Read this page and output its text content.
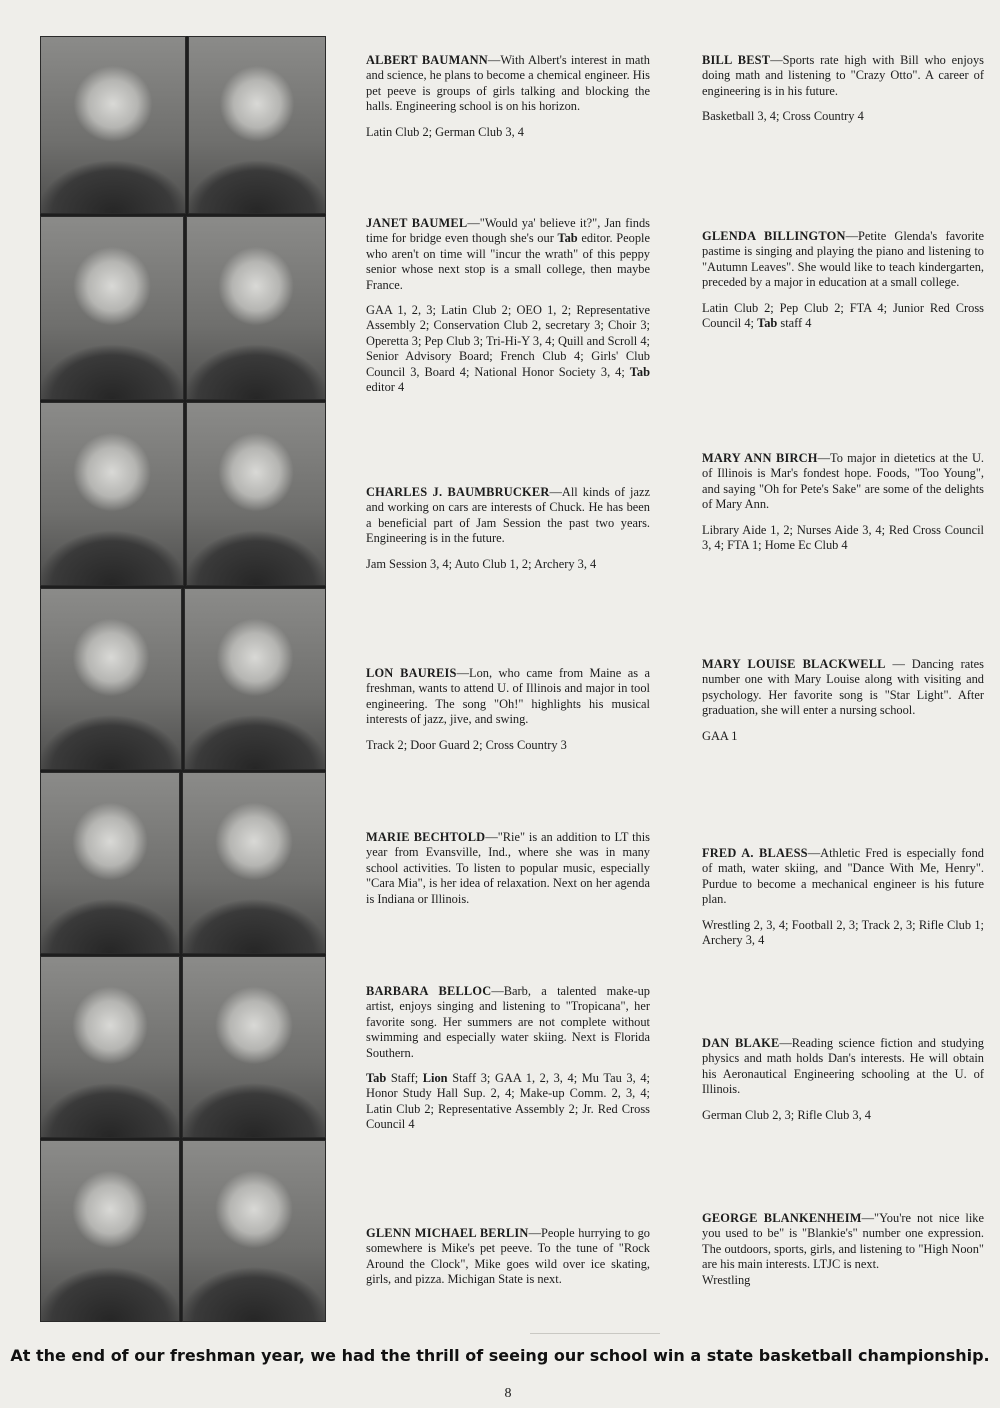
ALBERT BAUMANN—With Albert's interest in math and science, he plans to become a chemical engineer. His pet peeve is groups of girls talking and blocking the halls. Engineering school is on his horizon.

Latin Club 2; German Club 3, 4

JANET BAUMEL—"Would ya' believe it?", Jan finds time for bridge even though she's our Tab editor. People who aren't on time will "incur the wrath" of this peppy senior whose next stop is a small college, then maybe France.

GAA 1, 2, 3; Latin Club 2; OEO 1, 2; Representative Assembly 2; Conservation Club 2, secretary 3; Choir 3; Operetta 3; Pep Club 3; Tri-Hi-Y 3, 4; Quill and Scroll 4; Senior Advisory Board; French Club 4; Girls' Club Council 3, Board 4; National Honor Society 3, 4; Tab editor 4

CHARLES J. BAUMBRUCKER—All kinds of jazz and working on cars are interests of Chuck. He has been a beneficial part of Jam Session the past two years. Engineering is in the future.

Jam Session 3, 4; Auto Club 1, 2; Archery 3, 4

LON BAUREIS—Lon, who came from Maine as a freshman, wants to attend U. of Illinois and major in tool engineering. The song "Oh!" highlights his musical interests of jazz, jive, and swing.

Track 2; Door Guard 2; Cross Country 3

MARIE BECHTOLD—"Rie" is an addition to LT this year from Evansville, Ind., where she was in many school activities. To listen to popular music, especially "Cara Mia", is her idea of relaxation. Next on her agenda is Indiana or Illinois.

BARBARA BELLOC—Barb, a talented make-up artist, enjoys singing and listening to "Tropicana", her favorite song. Her summers are not complete without swimming and especially water skiing. Next is Florida Southern.

Tab Staff; Lion Staff 3; GAA 1, 2, 3, 4; Mu Tau 3, 4; Honor Study Hall Sup. 2, 4; Make-up Comm. 2, 3, 4; Latin Club 2; Representative Assembly 2; Jr. Red Cross Council 4

GLENN MICHAEL BERLIN—People hurrying to go somewhere is Mike's pet peeve. To the tune of "Rock Around the Clock", Mike goes wild over ice skating, girls, and pizza. Michigan State is next.

BILL BEST—Sports rate high with Bill who enjoys doing math and listening to "Crazy Otto". A career of engineering is in his future.

Basketball 3, 4; Cross Country 4

GLENDA BILLINGTON—Petite Glenda's favorite pastime is singing and playing the piano and listening to "Autumn Leaves". She would like to teach kindergarten, preceded by a major in education at a small college.

Latin Club 2; Pep Club 2; FTA 4; Junior Red Cross Council 4; Tab staff 4

MARY ANN BIRCH—To major in dietetics at the U. of Illinois is Mar's fondest hope. Foods, "Too Young", and saying "Oh for Pete's Sake" are some of the delights of Mary Ann.

Library Aide 1, 2; Nurses Aide 3, 4; Red Cross Council 3, 4; FTA 1; Home Ec Club 4

MARY LOUISE BLACKWELL — Dancing rates number one with Mary Louise along with visiting and psychology. Her favorite song is "Star Light". After graduation, she will enter a nursing school.

GAA 1

FRED A. BLAESS—Athletic Fred is especially fond of math, water skiing, and "Dance With Me, Henry". Purdue to become a mechanical engineer is his future plan.

Wrestling 2, 3, 4; Football 2, 3; Track 2, 3; Rifle Club 1; Archery 3, 4

DAN BLAKE—Reading science fiction and studying physics and math holds Dan's interests. He will obtain his Aeronautical Engineering schooling at the U. of Illinois.

German Club 2, 3; Rifle Club 3, 4

GEORGE BLANKENHEIM—"You're not nice like you used to be" is "Blankie's" number one expression. The outdoors, sports, girls, and listening to "High Noon" are his main interests. LTJC is next.

Wrestling

At the end of our freshman year, we had the thrill of seeing our school win a state basketball championship.
8
